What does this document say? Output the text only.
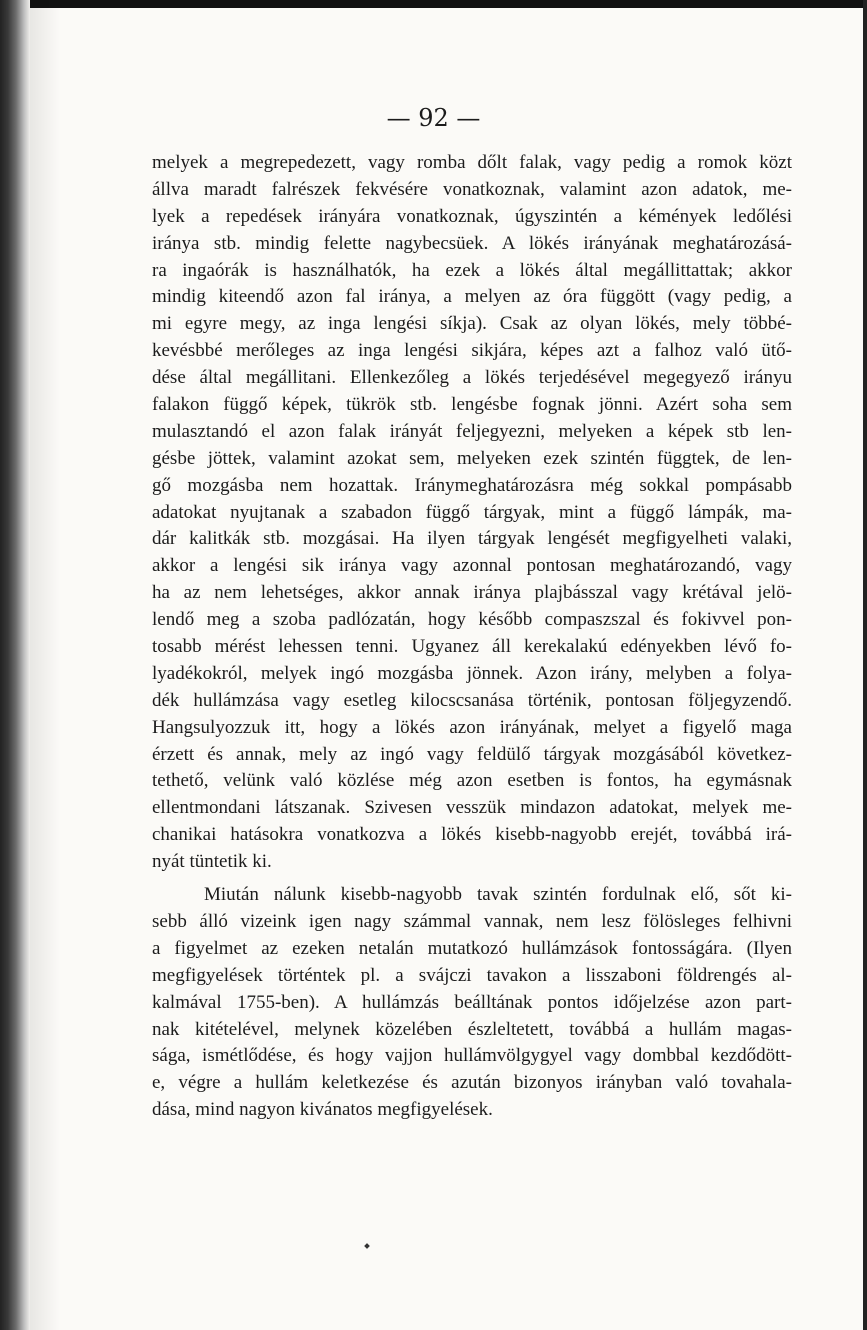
— 92 —
melyek a megrepedezett, vagy romba dőlt falak, vagy pedig a romok közt
állva maradt falrészek fekvésére vonatkoznak, valamint azon adatok, me-
lyek a repedések irányára vonatkoznak, úgyszintén a kémények ledőlési
iránya stb. mindig felette nagybecsüek. A lökés irányának meghatározásá-
ra ingaórák is használhatók, ha ezek a lökés által megállittattak; akkor
mindig kiteendő azon fal iránya, a melyen az óra függött (vagy pedig, a
mi egyre megy, az inga lengési síkja). Csak az olyan lökés, mely többé-
kevésbbé merőleges az inga lengési sikjára, képes azt a falhoz való ütő-
dése által megállitani. Ellenkezőleg a lökés terjedésével megegyező irányu
falakon függő képek, tükrök stb. lengésbe fognak jönni. Azért soha sem
mulasztandó el azon falak irányát feljegyezni, melyeken a képek stb len-
gésbe jöttek, valamint azokat sem, melyeken ezek szintén függtek, de len-
gő mozgásba nem hozattak. Iránymeghatározásra még sokkal pompásabb
adatokat nyujtanak a szabadon függő tárgyak, mint a függő lámpák, ma-
dár kalitkák stb. mozgásai. Ha ilyen tárgyak lengését megfigyelheti valaki,
akkor a lengési sik iránya vagy azonnal pontosan meghatározandó, vagy
ha az nem lehetséges, akkor annak iránya plajbásszal vagy krétával jelö-
lendő meg a szoba padlózatán, hogy később compaszszal és fokivvel pon-
tosabb mérést lehessen tenni. Ugyanez áll kerekalakú edényekben lévő fo-
lyadékokról, melyek ingó mozgásba jönnek. Azon irány, melyben a folya-
dék hullámzása vagy esetleg kilocscsanása történik, pontosan följegyzendő.
Hangsulyozzuk itt, hogy a lökés azon irányának, melyet a figyelő maga
érzett és annak, mely az ingó vagy feldülő tárgyak mozgásából következ-
tethető, velünk való közlése még azon esetben is fontos, ha egymásnak
ellentmondani látszanak. Szivesen vesszük mindazon adatokat, melyek me-
chanikai hatásokra vonatkozva a lökés kisebb-nagyobb erejét, továbbá irá-
nyát tüntetik ki.
Miután nálunk kisebb-nagyobb tavak szintén fordulnak elő, sőt ki-
sebb álló vizeink igen nagy számmal vannak, nem lesz fölösleges felhivni
a figyelmet az ezeken netalán mutatkozó hullámzások fontosságára. (Ilyen
megfigyelések történtek pl. a svájczi tavakon a lisszaboni földrengés al-
kalmával 1755-ben). A hullámzás beálltának pontos időjelzése azon part-
nak kitételével, melynek közelében észleltetett, továbbá a hullám magas-
sága, ismétlődése, és hogy vajjon hullámvölgygyel vagy dombbal kezdődött-
e, végre a hullám keletkezése és azután bizonyos irányban való tovahala-
dása, mind nagyon kivánatos megfigyelések.
